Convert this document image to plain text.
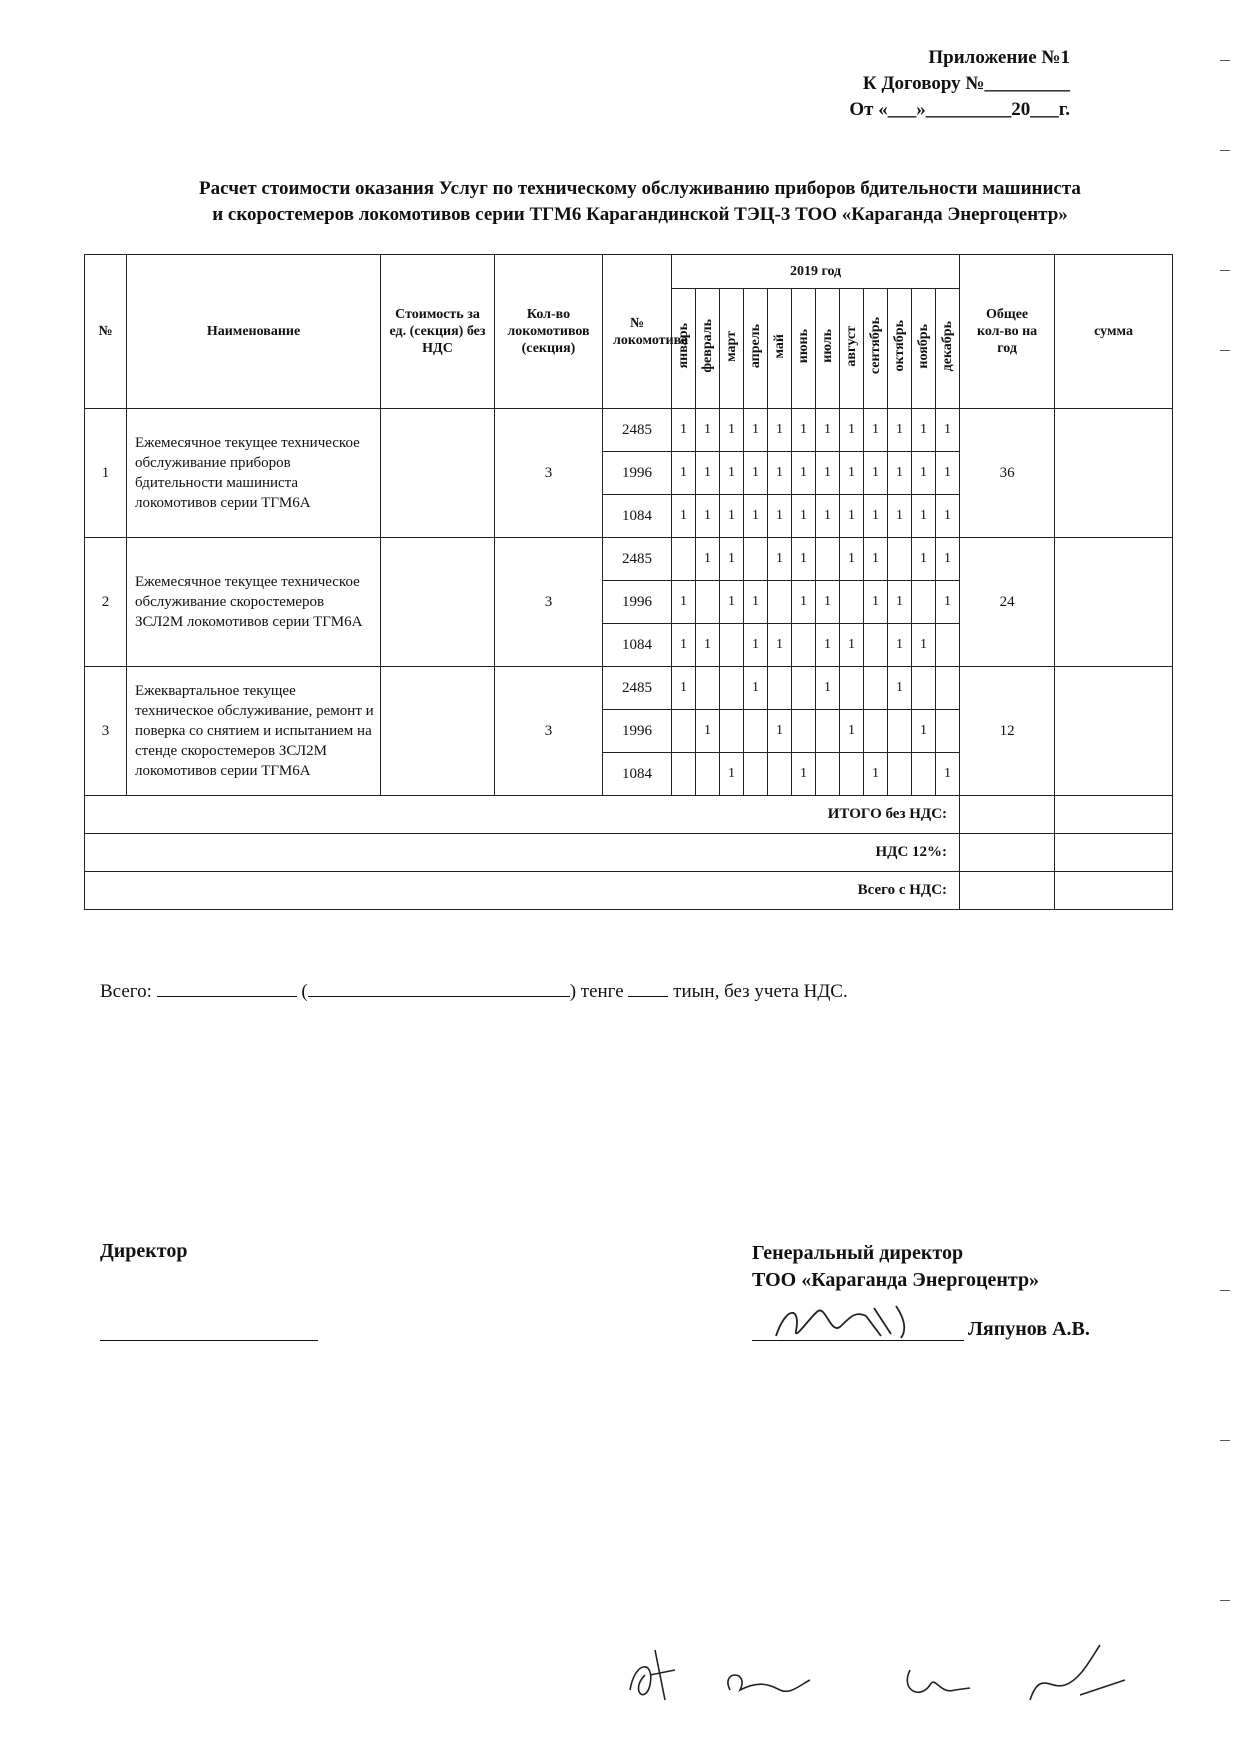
Приложение №1
К Договору №_________
От «___»_________20___г.
Расчет стоимости оказания Услуг по техническому обслуживанию приборов бдительности машиниста
и скоростемеров локомотивов серии ТГМ6 Карагандинской ТЭЦ-3 ТОО «Караганда Энергоцентр»
№	Наименование	Стоимость за ед. (секция) без НДС	Кол-во локомотивов (секция)	№ локомотива	2019 год												Общее кол-во на год	сумма
					январь	февраль	март	апрель	май	июнь	июль	август	сентябрь	октябрь	ноябрь	декабрь		
1	Ежемесячное текущее техническое обслуживание приборов бдительности машиниста локомотивов серии ТГМ6А		3	2485	1	1	1	1	1	1	1	1	1	1	1	1	36	
				1996	1	1	1	1	1	1	1	1	1	1	1	1		
				1084	1	1	1	1	1	1	1	1	1	1	1	1		
2	Ежемесячное текущее техническое обслуживание скоростемеров ЗСЛ2М локомотивов серии ТГМ6А		3	2485		1	1		1	1		1	1		1	1	24	
				1996	1		1	1		1	1		1	1		1		
				1084	1	1		1	1		1	1		1	1			
3	Ежеквартальное текущее техническое обслуживание, ремонт и поверка со снятием и испытанием на стенде скоростемеров ЗСЛ2М локомотивов серии ТГМ6А		3	2485	1			1			1			1			12	
				1996		1			1			1			1			
				1084			1			1			1			1		
ИТОГО без НДС:																		
НДС 12%:																		
Всего с НДС:																		
Всего:	(	) тенге	тиын, без учета НДС.
Директор	Генеральный директор
ТОО «Караганда Энергоцентр»
Ляпунов А.В.
